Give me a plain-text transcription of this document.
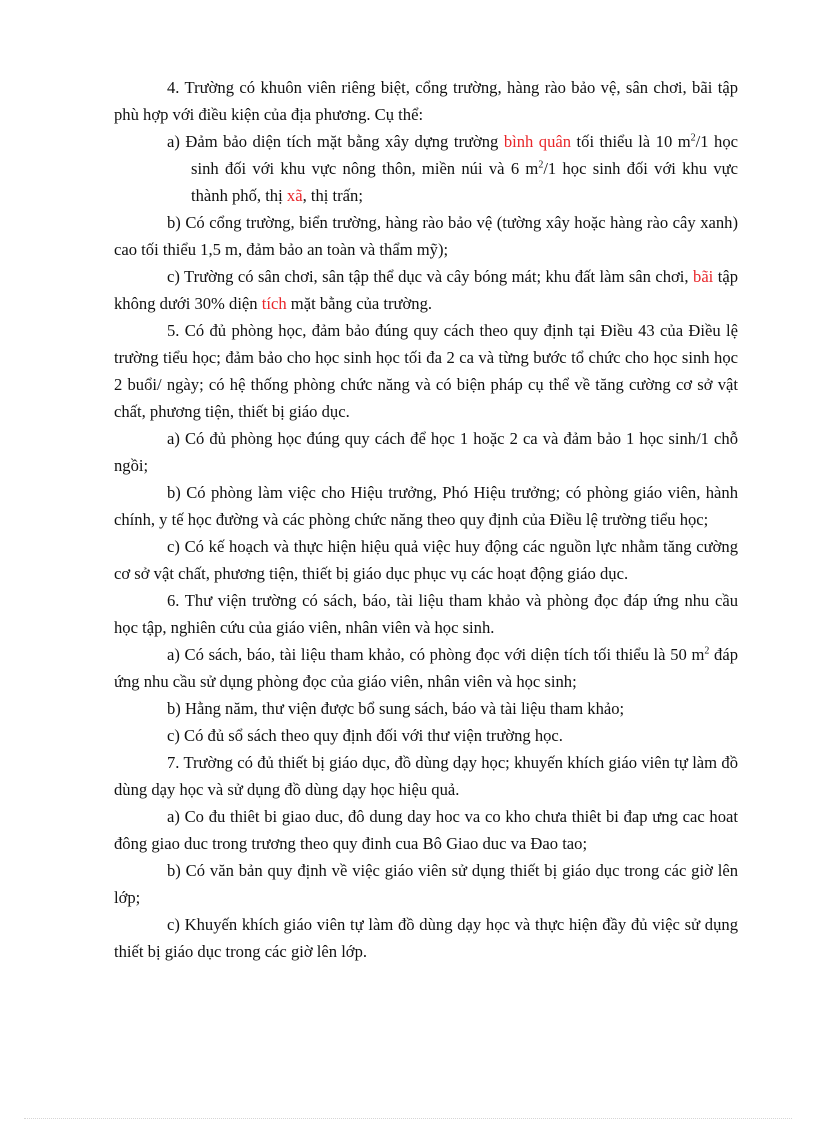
4. Trường có khuôn viên riêng biệt, cổng trường, hàng rào bảo vệ, sân chơi, bãi tập phù hợp với điều kiện của địa phương. Cụ thể:

a) Đảm bảo diện tích mặt bằng xây dựng trường bình quân tối thiểu là 10 $m^2/1$ học sinh đối với khu vực nông thôn, miền núi và 6 $m^2/1$ học sinh đối với khu vực thành phố, thị xã, thị trấn;

b) Có cổng trường, biển trường, hàng rào bảo vệ (tường xây hoặc hàng rào cây xanh) cao tối thiểu 1,5 m, đảm bảo an toàn và thẩm mỹ);

c) Trường có sân chơi, sân tập thể dục và cây bóng mát; khu đất làm sân chơi, bãi tập không dưới 30% diện tích mặt bằng của trường.

5. Có đủ phòng học, đảm bảo đúng quy cách theo quy định tại Điều 43 của Điều lệ trường tiểu học; đảm bảo cho học sinh học tối đa 2 ca và từng bước tổ chức cho học sinh học 2 buổi/ ngày; có hệ thống phòng chức năng và có biện pháp cụ thể về tăng cường cơ sở vật chất, phương tiện, thiết bị giáo dục.

a) Có đủ phòng học đúng quy cách để học 1 hoặc 2 ca và đảm bảo 1 học sinh/1 chỗ ngồi;

b) Có phòng làm việc cho Hiệu trưởng, Phó Hiệu trưởng; có phòng giáo viên, hành chính, y tế học đường và các phòng chức năng theo quy định của Điều lệ trường tiểu học;

c) Có kế hoạch và thực hiện hiệu quả việc huy động các nguồn lực nhằm tăng cường cơ sở vật chất, phương tiện, thiết bị giáo dục phục vụ các hoạt động giáo dục.

6. Thư viện trường có sách, báo, tài liệu tham khảo và phòng đọc đáp ứng nhu cầu học tập, nghiên cứu của giáo viên, nhân viên và học sinh.

a) Có sách, báo, tài liệu tham khảo, có phòng đọc với diện tích tối thiểu là 50 $m^2$ đáp ứng nhu cầu sử dụng phòng đọc của giáo viên, nhân viên và học sinh;

b) Hằng năm, thư viện được bổ sung sách, báo và tài liệu tham khảo;

c) Có đủ sổ sách theo quy định đối với thư viện trường học.

7. Trường có đủ thiết bị giáo dục, đồ dùng dạy học; khuyến khích giáo viên tự làm đồ dùng dạy học và sử dụng đồ dùng dạy học hiệu quả.

a) Co đu thiêt bi giao duc, đô dung day hoc va co kho chưa thiêt bi đap ưng cac hoat đông giao duc trong trương theo quy đinh cua Bô Giao duc va Đao tao;

b) Có văn bản quy định về việc giáo viên sử dụng thiết bị giáo dục trong các giờ lên lớp;

c) Khuyến khích giáo viên tự làm đồ dùng dạy học và thực hiện đầy đủ việc sử dụng thiết bị giáo dục trong các giờ lên lớp.
